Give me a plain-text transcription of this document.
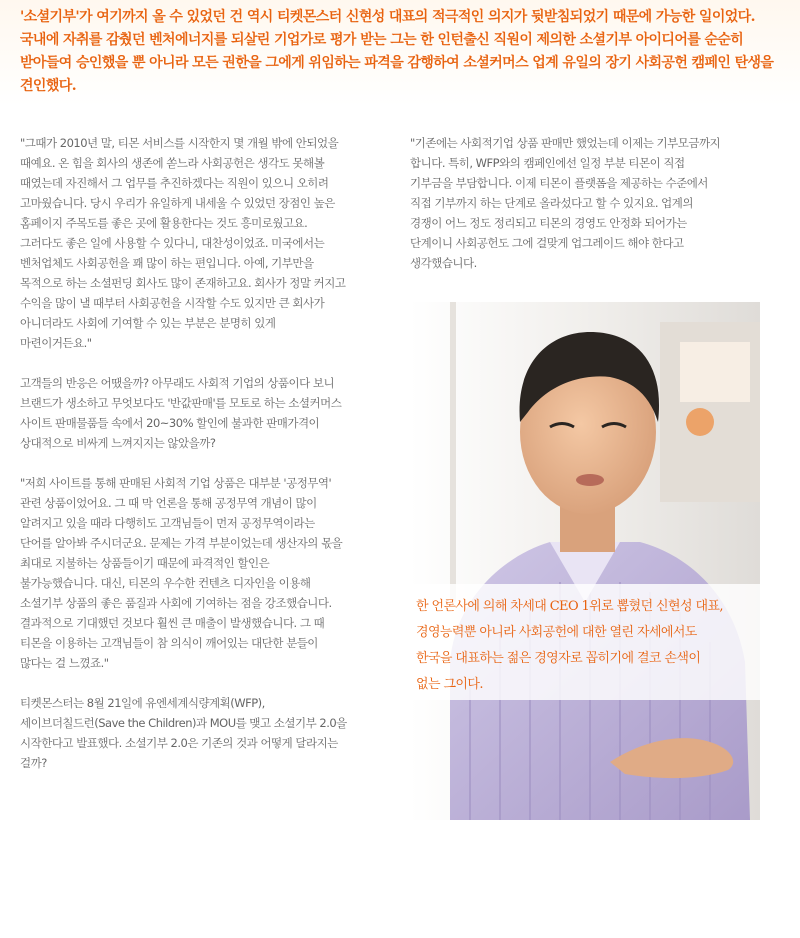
'소셜기부'가 여기까지 올 수 있었던 건 역시 티켓몬스터 신현성 대표의 적극적인 의지가 뒷받침되었기 때문에 가능한 일이었다.
국내에 자취를 감췄던 벤처에너지를 되살린 기업가로 평가 받는 그는 한 인턴출신 직원이 제의한 소셜기부 아이디어를 순순히
받아들여 승인했을 뿐 아니라 모든 권한을 그에게 위임하는 파격을 감행하여 소셜커머스 업계 유일의 장기 사회공헌 캠페인 탄생을
견인했다.

"그때가 2010년 말, 티몬 서비스를 시작한지 몇 개월 밖에 안되었을
때예요. 온 힘을 회사의 생존에 쏟느라 사회공헌은 생각도 못해볼
때였는데 자진해서 그 업무를 추진하겠다는 직원이 있으니 오히려
고마웠습니다. 당시 우리가 유일하게 내세울 수 있었던 장점인 높은
홈페이지 주목도를 좋은 곳에 활용한다는 것도 흥미로웠고요.
그러다도 좋은 일에 사용할 수 있다니, 대찬성이었죠. 미국에서는
벤처업체도 사회공헌을 꽤 많이 하는 편입니다. 아예, 기부만을
목적으로 하는 소셜펀딩 회사도 많이 존재하고요. 회사가 정말 커지고
수익을 많이 낼 때부터 사회공헌을 시작할 수도 있지만 큰 회사가
아니더라도 사회에 기여할 수 있는 부분은 분명히 있게
마련이거든요."

고객들의 반응은 어땠을까? 아무래도 사회적 기업의 상품이다 보니
브랜드가 생소하고 무엇보다도 '반값판매'를 모토로 하는 소셜커머스
사이트 판매물품들 속에서 20~30% 할인에 불과한 판매가격이
상대적으로 비싸게 느껴지지는 않았을까?

"저희 사이트를 통해 판매된 사회적 기업 상품은 대부분 '공정무역'
관련 상품이었어요. 그 때 막 언론을 통해 공정무역 개념이 많이
알려지고 있을 때라 다행히도 고객님들이 먼저 공정무역이라는
단어를 알아봐 주시더군요. 문제는 가격 부분이었는데 생산자의 몫을
최대로 지불하는 상품들이기 때문에 파격적인 할인은
불가능했습니다. 대신, 티몬의 우수한 컨텐츠 디자인을 이용해
소셜기부 상품의 좋은 품질과 사회에 기여하는 점을 강조했습니다.
결과적으로 기대했던 것보다 훨씬 큰 매출이 발생했습니다. 그 때
티몬을 이용하는 고객님들이 참 의식이 깨어있는 대단한 분들이
많다는 걸 느꼈죠."

티켓몬스터는 8월 21일에 유엔세계식량계획(WFP),
세이브더칠드런(Save the Children)과 MOU를 맺고 소셜기부 2.0을
시작한다고 발표했다. 소셜기부 2.0은 기존의 것과 어떻게 달라지는
걸까?

"기존에는 사회적기업 상품 판매만 했었는데 이제는 기부모금까지
합니다. 특히, WFP와의 캠페인에선 일정 부분 티몬이 직접
기부금을 부담합니다. 이제 티몬이 플랫폼을 제공하는 수준에서
직접 기부까지 하는 단계로 올라섰다고 할 수 있지요. 업계의
경쟁이 어느 정도 정리되고 티몬의 경영도 안정화 되어가는
단계이니 사회공헌도 그에 걸맞게 업그레이드 해야 한다고
생각했습니다.

한 언론사에 의해 차세대 CEO 1위로 뽑혔던 신현성 대표,
경영능력뿐 아니라 사회공헌에 대한 열린 자세에서도
한국을 대표하는 젊은 경영자로 꼽히기에 결코 손색이
없는 그이다.
